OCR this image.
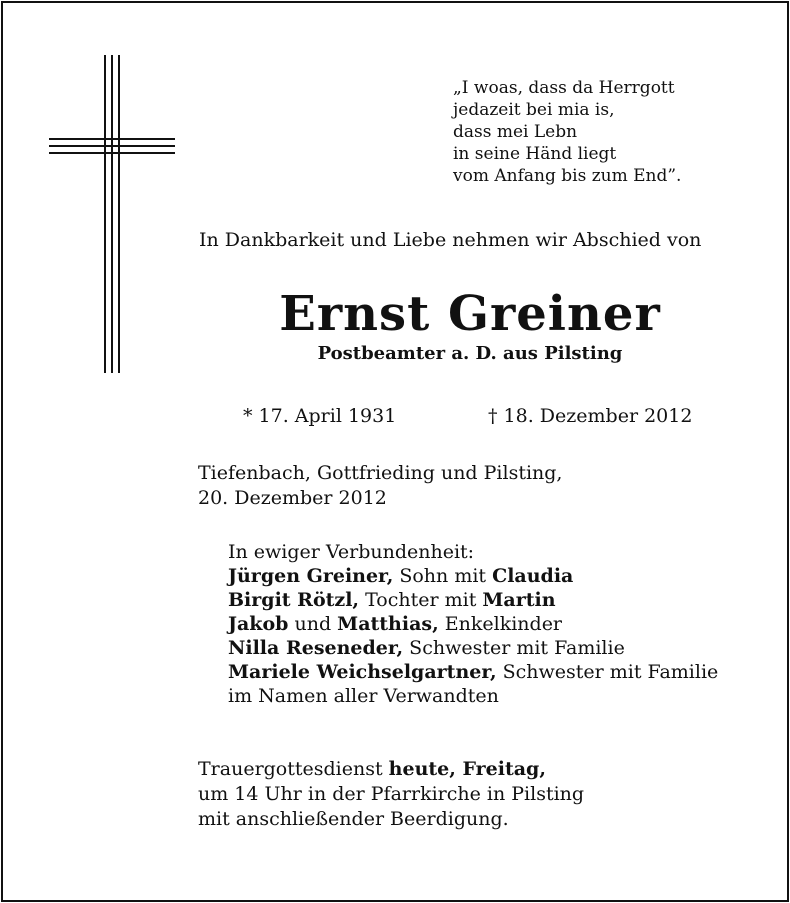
„I woas, dass da Herrgott
jedazeit bei mia is,
dass mei Lebn
in seine Händ liegt
vom Anfang bis zum End”.
In Dankbarkeit und Liebe nehmen wir Abschied von
Ernst Greiner
Postbeamter a. D. aus Pilsting
* 17. April 1931	† 18. Dezember 2012
Tiefenbach, Gottfrieding und Pilsting,
20. Dezember 2012
In ewiger Verbundenheit:
Jürgen Greiner, Sohn mit Claudia
Birgit Rötzl, Tochter mit Martin
Jakob und Matthias, Enkelkinder
Nilla Reseneder, Schwester mit Familie
Mariele Weichselgartner, Schwester mit Familie
im Namen aller Verwandten
Trauergottesdienst heute, Freitag,
um 14 Uhr in der Pfarrkirche in Pilsting
mit anschließender Beerdigung.
